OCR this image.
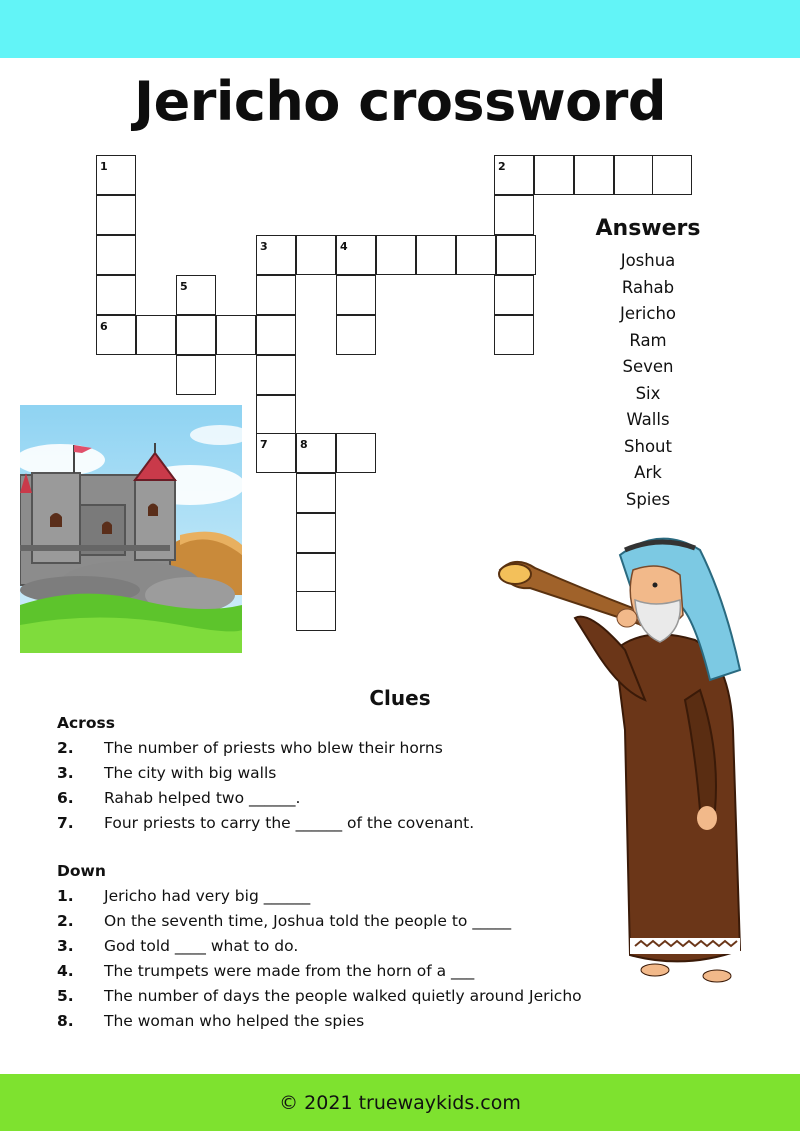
Jericho crossword
1
6
5
3	4
7	8
2
Answers
Joshua
Rahab
Jericho
Ram
Seven
Six
Walls
Shout
Ark
Spies
Clues
Across
2. The number of priests who blew their horns
3. The city with big walls
6. Rahab helped two ______.
7. Four priests to carry the ______ of the covenant.
Down
1. Jericho had very big ______
2. On the seventh time, Joshua told the people to _____
3. God told ____ what to do.
4. The trumpets were made from the horn of a ___
5. The number of days the people walked quietly around Jericho
8. The woman who helped the spies
© 2021 truewaykids.com
